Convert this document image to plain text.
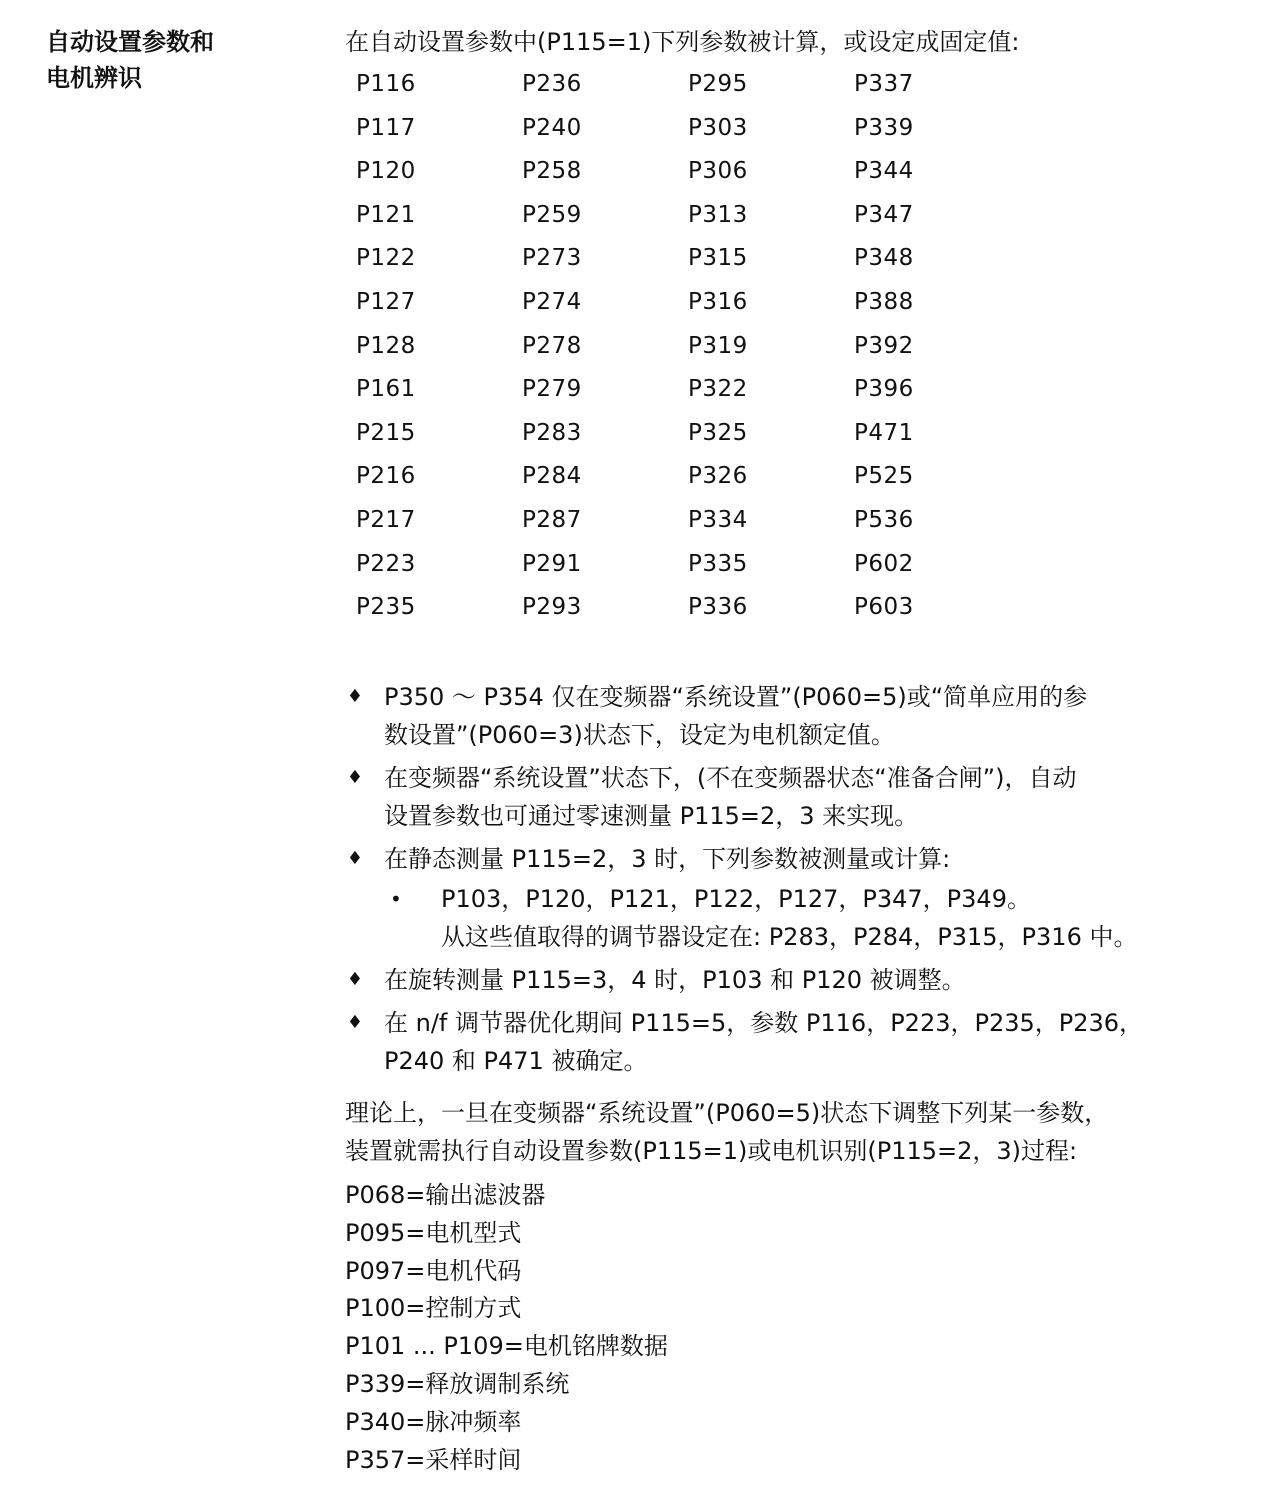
自动设置参数和
电机辨识
在自动设置参数中(P115=1)下列参数被计算，或设定成固定值:
P116	P236	P295	P337
P117	P240	P303	P339
P120	P258	P306	P344
P121	P259	P313	P347
P122	P273	P315	P348
P127	P274	P316	P388
P128	P278	P319	P392
P161	P279	P322	P396
P215	P283	P325	P471
P216	P284	P326	P525
P217	P287	P334	P536
P223	P291	P335	P602
P235	P293	P336	P603
♦ P350 ～ P354 仅在变频器“系统设置”(P060=5)或“简单应用的参
数设置”(P060=3)状态下，设定为电机额定值。
♦ 在变频器“系统设置”状态下，(不在变频器状态“准备合闸”)，自动
设置参数也可通过零速测量 P115=2，3 来实现。
♦ 在静态测量 P115=2，3 时，下列参数被测量或计算:
• P103，P120，P121，P122，P127，P347，P349。
从这些值取得的调节器设定在: P283，P284，P315，P316 中。
♦ 在旋转测量 P115=3，4 时，P103 和 P120 被调整。
♦ 在 n/f 调节器优化期间 P115=5，参数 P116，P223，P235，P236，
P240 和 P471 被确定。
理论上，一旦在变频器“系统设置”(P060=5)状态下调整下列某一参数，
装置就需执行自动设置参数(P115=1)或电机识别(P115=2，3)过程:
P068=输出滤波器
P095=电机型式
P097=电机代码
P100=控制方式
P101 ... P109=电机铭牌数据
P339=释放调制系统
P340=脉冲频率
P357=采样时间
